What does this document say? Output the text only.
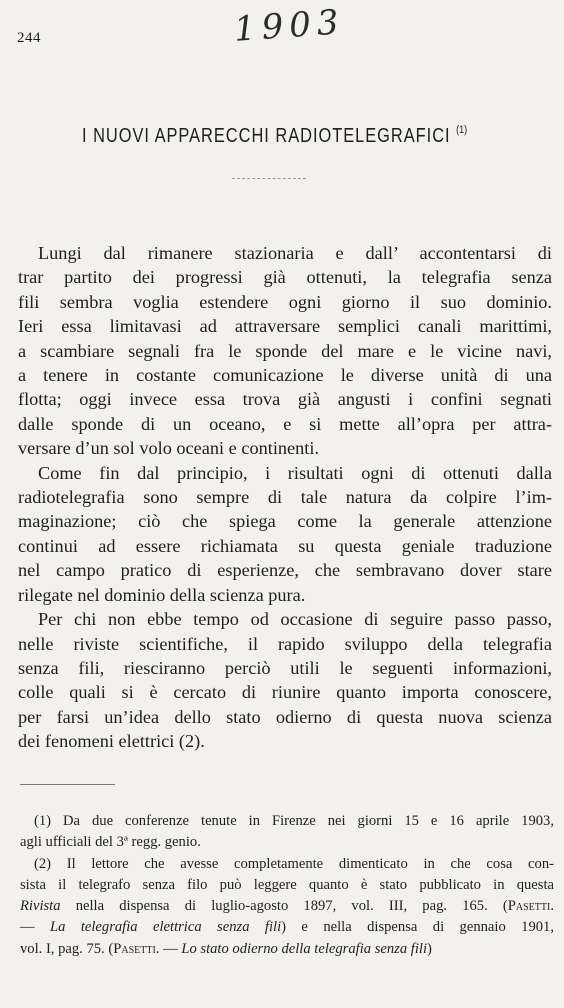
244	1903
I NUOVI APPARECCHI RADIOTELEGRAFICI $^{(1)}$
Lungi dal rimanere stazionaria e dall’ accontentarsi di
trar partito dei progressi già ottenuti, la telegrafia senza
fili sembra voglia estendere ogni giorno il suo dominio.
Ieri essa limitavasi ad attraversare semplici canali marittimi,
a scambiare segnali fra le sponde del mare e le vicine navi,
a tenere in costante comunicazione le diverse unità di una
flotta; oggi invece essa trova già angusti i confini segnati
dalle sponde di un oceano, e si mette all’opra per attra-
versare d’un sol volo oceani e continenti.
Come fin dal principio, i risultati ogni di ottenuti dalla
radiotelegrafia sono sempre di tale natura da colpire l’im-
maginazione; ciò che spiega come la generale attenzione
continui ad essere richiamata su questa geniale traduzione
nel campo pratico di esperienze, che sembravano dover stare
rilegate nel dominio della scienza pura.
Per chi non ebbe tempo od occasione di seguire passo passo,
nelle riviste scientifiche, il rapido sviluppo della telegrafia
senza fili, riesciranno perciò utili le seguenti informazioni,
colle quali si è cercato di riunire quanto importa conoscere,
per farsi un’idea dello stato odierno di questa nuova scienza
dei fenomeni elettrici (2).
(1) Da due conferenze tenute in Firenze nei giorni 15 e 16 aprile 1903,
agli ufficiali del 3ª regg. genio.
(2) Il lettore che avesse completamente dimenticato in che cosa con-
sista il telegrafo senza filo può leggere quanto è stato pubblicato in questa
Rivista nella dispensa di luglio-agosto 1897, vol. III, pag. 165. (Pasetti.
— La telegrafia elettrica senza fili) e nella dispensa di gennaio 1901,
vol. I, pag. 75. (Pasetti. — Lo stato odierno della telegrafia senza fili)
